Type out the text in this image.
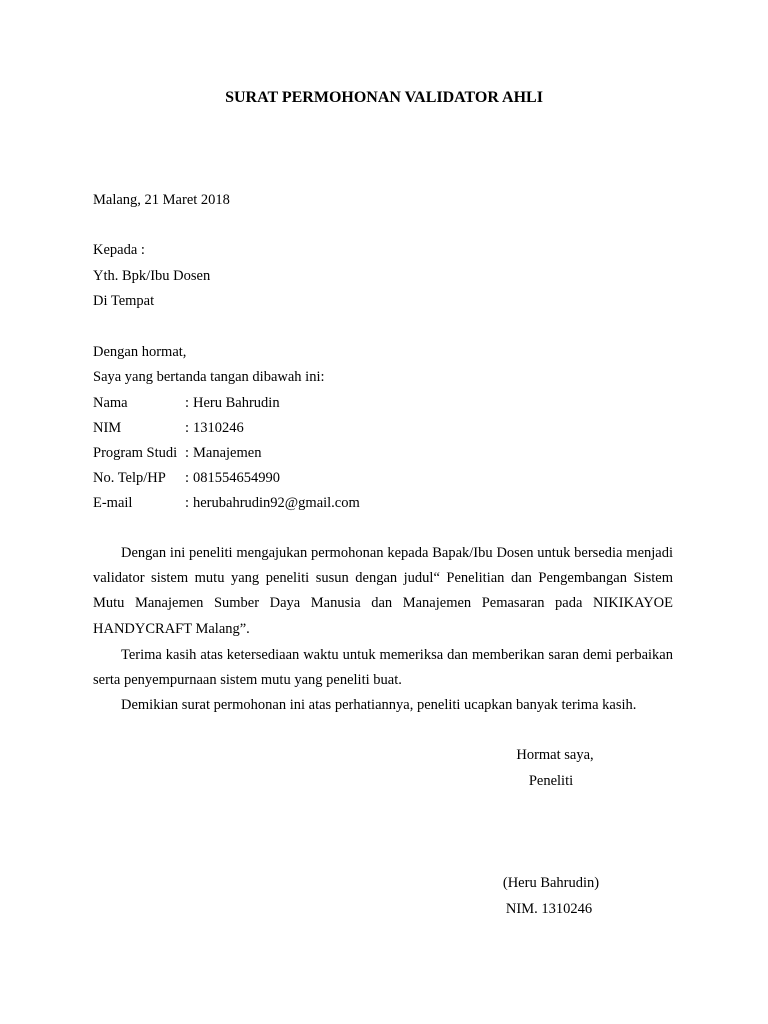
SURAT PERMOHONAN VALIDATOR AHLI
Malang, 21 Maret 2018
Kepada :
Yth. Bpk/Ibu Dosen
Di Tempat
Dengan hormat,
Saya yang bertanda tangan dibawah ini:
Nama	: Heru Bahrudin
NIM	: 1310246
Program Studi : Manajemen
No. Telp/HP : 081554654990
E-mail	: herubahrudin92@gmail.com

Dengan ini peneliti mengajukan permohonan kepada Bapak/Ibu Dosen untuk bersedia menjadi validator sistem mutu yang peneliti susun dengan judul“ Penelitian dan Pengembangan Sistem Mutu Manajemen Sumber Daya Manusia dan Manajemen Pemasaran pada NIKIKAYOE HANDYCRAFT Malang”.

Terima kasih atas ketersediaan waktu untuk memeriksa dan memberikan saran demi perbaikan serta penyempurnaan sistem mutu yang peneliti buat.

Demikian surat permohonan ini atas perhatiannya, peneliti ucapkan banyak terima kasih.

Hormat saya,
Peneliti
(Heru Bahrudin)
NIM. 1310246
